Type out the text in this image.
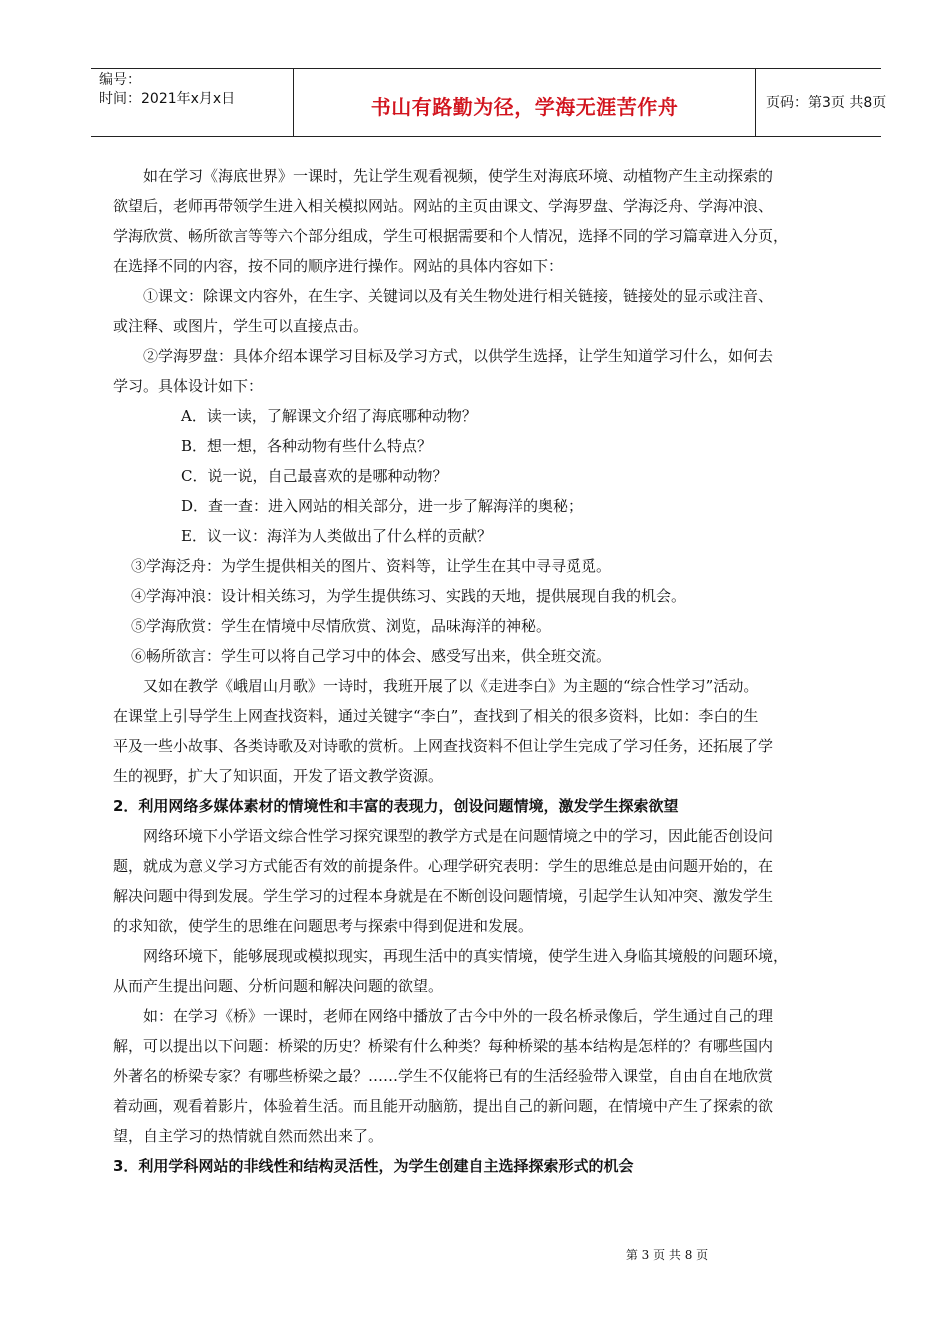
编号：
时间：2021年x月x日	书山有路勤为径，学海无涯苦作舟	页码：第3页 共8页
如在学习《海底世界》一课时，先让学生观看视频，使学生对海底环境、动植物产生主动探索的
欲望后，老师再带领学生进入相关模拟网站。网站的主页由课文、学海罗盘、学海泛舟、学海冲浪、
学海欣赏、畅所欲言等等六个部分组成，学生可根据需要和个人情况，选择不同的学习篇章进入分页，
在选择不同的内容，按不同的顺序进行操作。网站的具体内容如下：
①课文：除课文内容外，在生字、关键词以及有关生物处进行相关链接，链接处的显示或注音、
或注释、或图片，学生可以直接点击。
②学海罗盘：具体介绍本课学习目标及学习方式，以供学生选择，让学生知道学习什么，如何去
学习。具体设计如下：
A．读一读，了解课文介绍了海底哪种动物？
B．想一想，各种动物有些什么特点？
C．说一说，自己最喜欢的是哪种动物？
D．查一查：进入网站的相关部分，进一步了解海洋的奥秘；
E．议一议：海洋为人类做出了什么样的贡献？
③学海泛舟：为学生提供相关的图片、资料等，让学生在其中寻寻觅觅。
④学海冲浪：设计相关练习，为学生提供练习、实践的天地，提供展现自我的机会。
⑤学海欣赏：学生在情境中尽情欣赏、浏览，品味海洋的神秘。
⑥畅所欲言：学生可以将自己学习中的体会、感受写出来，供全班交流。
又如在教学《峨眉山月歌》一诗时，我班开展了以《走进李白》为主题的“综合性学习”活动。
在课堂上引导学生上网查找资料，通过关键字“李白”，查找到了相关的很多资料，比如：李白的生
平及一些小故事、各类诗歌及对诗歌的赏析。上网查找资料不但让学生完成了学习任务，还拓展了学
生的视野，扩大了知识面，开发了语文教学资源。
2．利用网络多媒体素材的情境性和丰富的表现力，创设问题情境，激发学生探索欲望
网络环境下小学语文综合性学习探究课型的教学方式是在问题情境之中的学习，因此能否创设问
题，就成为意义学习方式能否有效的前提条件。心理学研究表明：学生的思维总是由问题开始的，在
解决问题中得到发展。学生学习的过程本身就是在不断创设问题情境，引起学生认知冲突、激发学生
的求知欲，使学生的思维在问题思考与探索中得到促进和发展。
网络环境下，能够展现或模拟现实，再现生活中的真实情境，使学生进入身临其境般的问题环境，
从而产生提出问题、分析问题和解决问题的欲望。
如：在学习《桥》一课时，老师在网络中播放了古今中外的一段名桥录像后，学生通过自己的理
解，可以提出以下问题：桥梁的历史？桥梁有什么种类？每种桥梁的基本结构是怎样的？有哪些国内
外著名的桥梁专家？有哪些桥梁之最？……学生不仅能将已有的生活经验带入课堂，自由自在地欣赏
着动画，观看着影片，体验着生活。而且能开动脑筋，提出自己的新问题，在情境中产生了探索的欲
望，自主学习的热情就自然而然出来了。
3．利用学科网站的非线性和结构灵活性，为学生创建自主选择探索形式的机会
第 3 页 共 8 页
